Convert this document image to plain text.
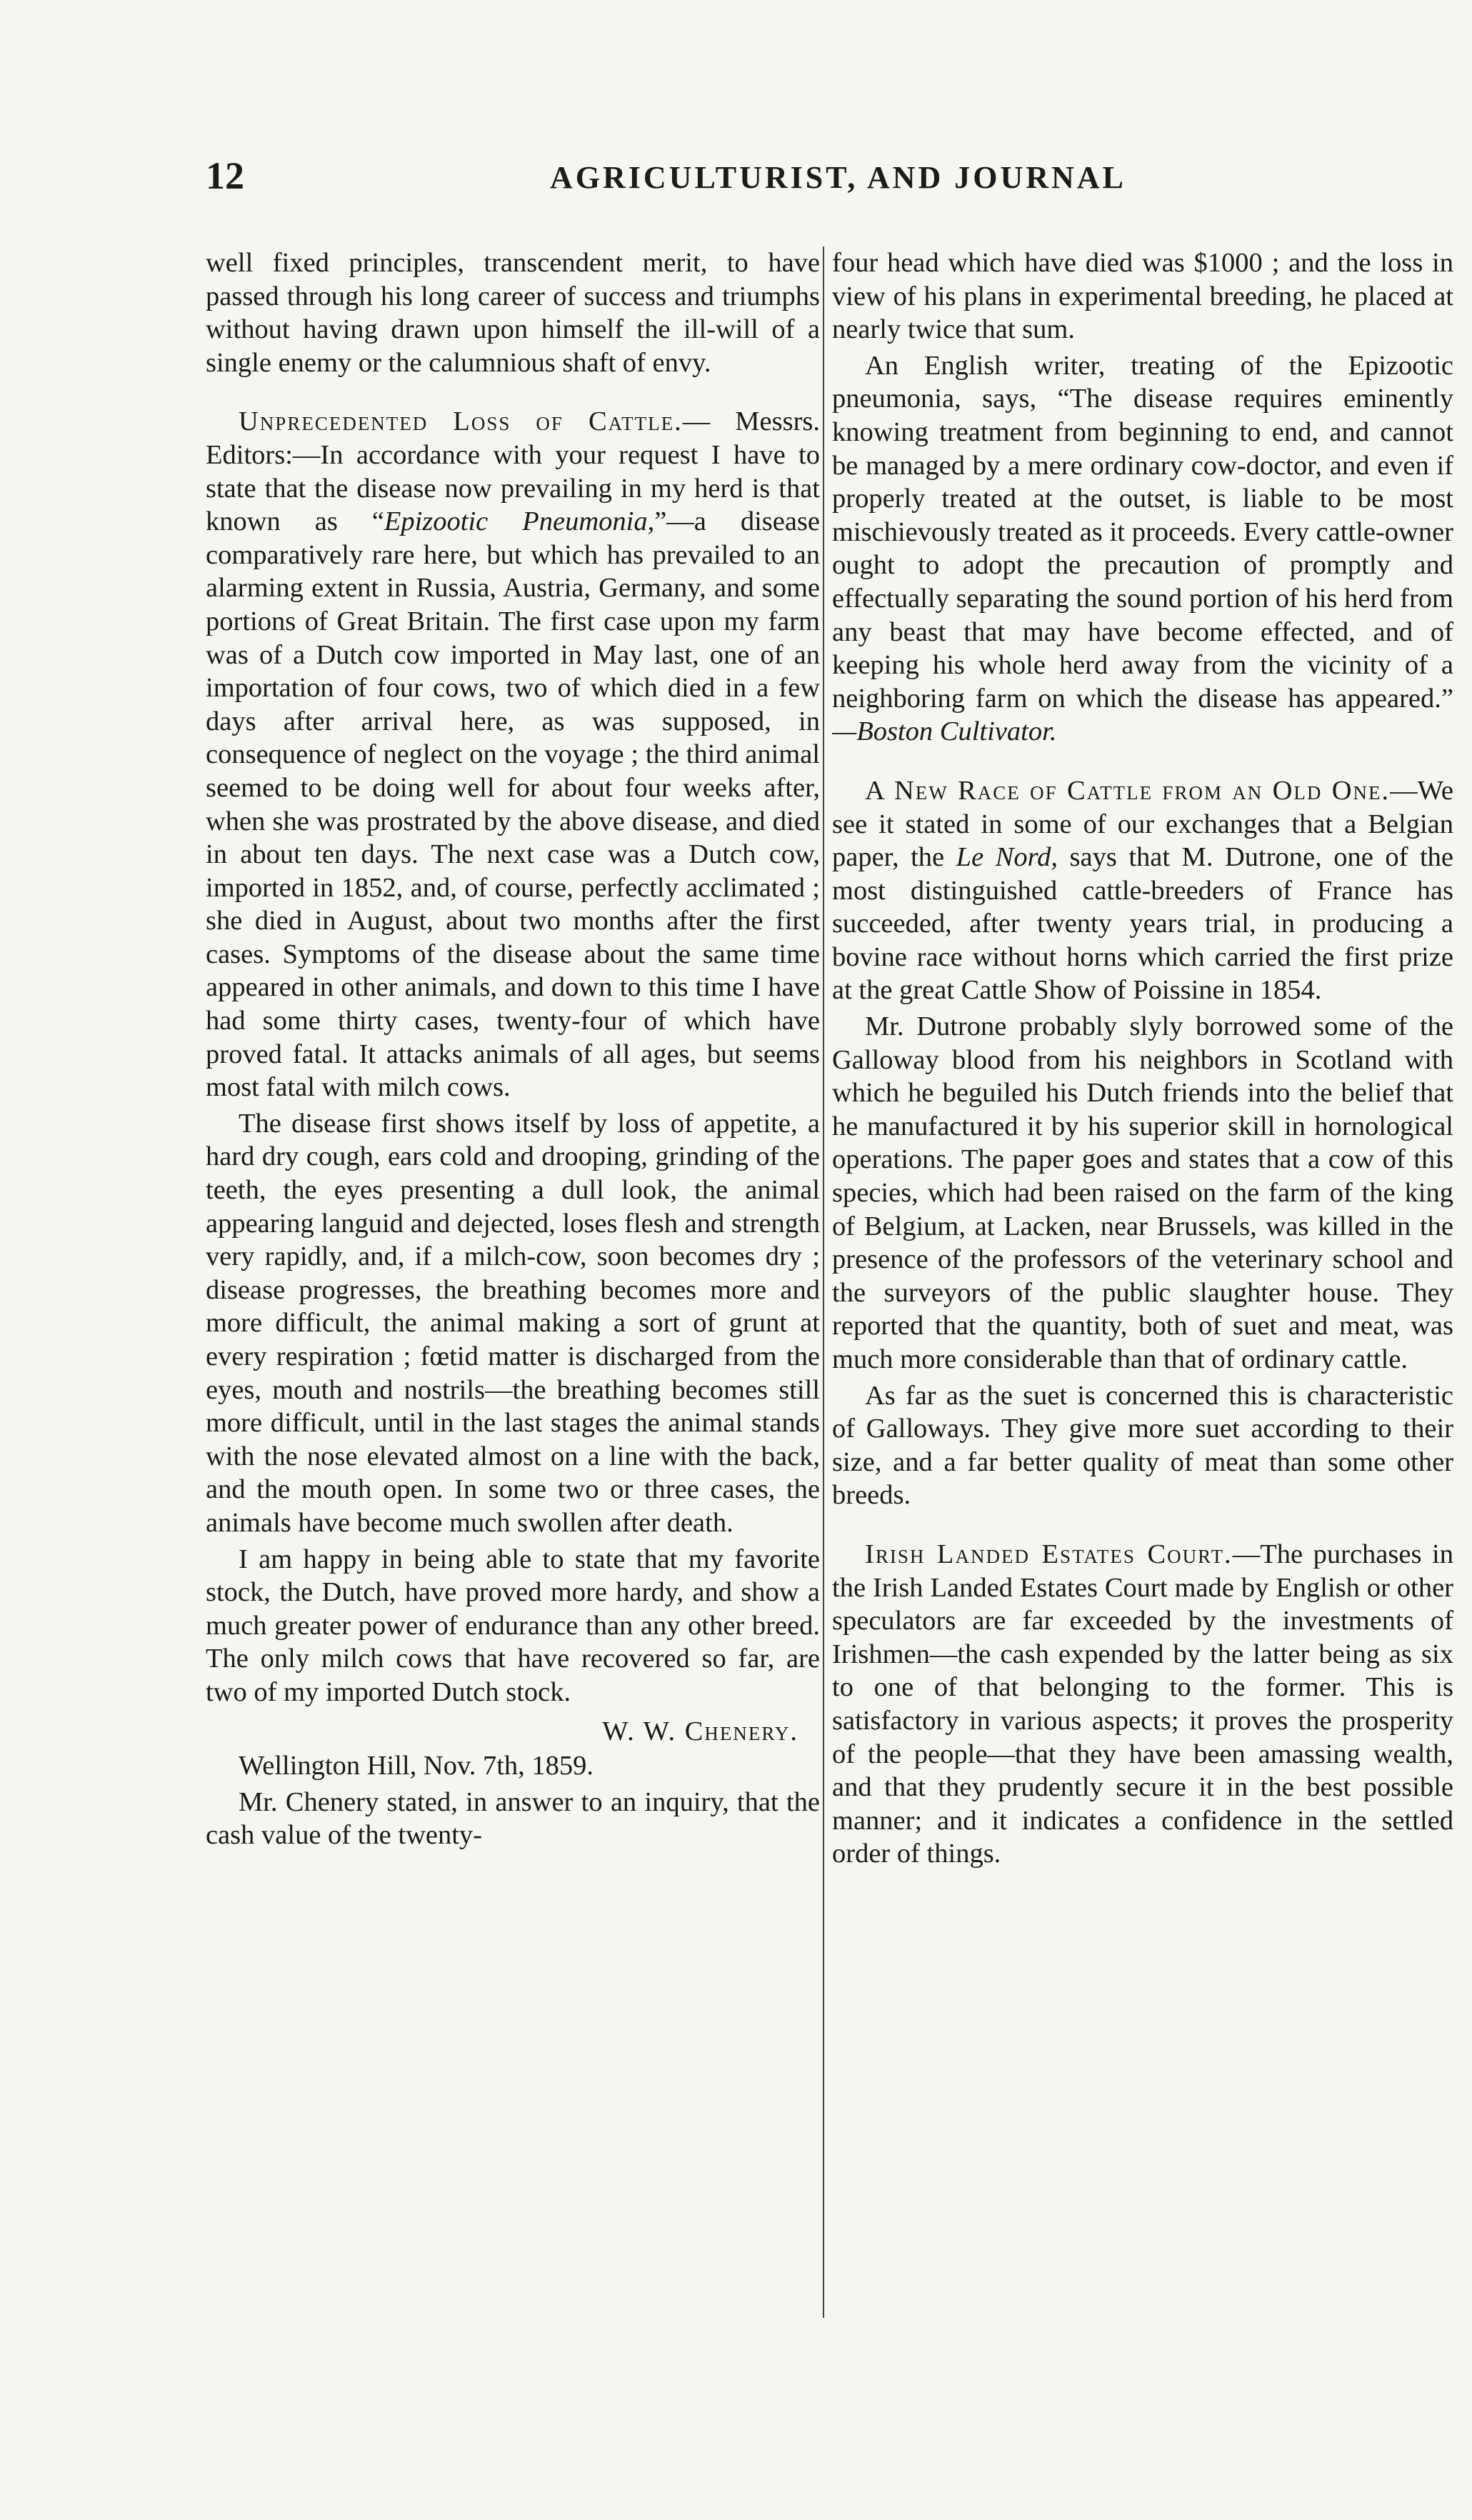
12	AGRICULTURIST, AND JOURNAL

well fixed principles, transcendent merit, to have passed through his long career of success and triumphs without having drawn upon himself the ill-will of a single enemy or the calumnious shaft of envy.

Unprecedented Loss of Cattle.— Messrs. Editors:—In accordance with your request I have to state that the disease now prevailing in my herd is that known as “Epizootic Pneumonia,”—a disease comparatively rare here, but which has prevailed to an alarming extent in Russia, Austria, Germany, and some portions of Great Britain. The first case upon my farm was of a Dutch cow imported in May last, one of an importation of four cows, two of which died in a few days after arrival here, as was supposed, in consequence of neglect on the voyage ; the third animal seemed to be doing well for about four weeks after, when she was prostrated by the above disease, and died in about ten days. The next case was a Dutch cow, imported in 1852, and, of course, perfectly acclimated ; she died in August, about two months after the first cases. Symptoms of the disease about the same time appeared in other animals, and down to this time I have had some thirty cases, twenty-four of which have proved fatal. It attacks animals of all ages, but seems most fatal with milch cows.

The disease first shows itself by loss of appetite, a hard dry cough, ears cold and drooping, grinding of the teeth, the eyes presenting a dull look, the animal appearing languid and dejected, loses flesh and strength very rapidly, and, if a milch-cow, soon becomes dry ; disease progresses, the breathing becomes more and more difficult, the animal making a sort of grunt at every respiration ; fœtid matter is discharged from the eyes, mouth and nostrils—the breathing becomes still more difficult, until in the last stages the animal stands with the nose elevated almost on a line with the back, and the mouth open. In some two or three cases, the animals have become much swollen after death.

I am happy in being able to state that my favorite stock, the Dutch, have proved more hardy, and show a much greater power of endurance than any other breed. The only milch cows that have recovered so far, are two of my imported Dutch stock.

W. W. Chenery.

Wellington Hill, Nov. 7th, 1859.

Mr. Chenery stated, in answer to an inquiry, that the cash value of the twenty-

four head which have died was $1000 ; and the loss in view of his plans in experimental breeding, he placed at nearly twice that sum.

An English writer, treating of the Epizootic pneumonia, says, “The disease requires eminently knowing treatment from beginning to end, and cannot be managed by a mere ordinary cow-doctor, and even if properly treated at the outset, is liable to be most mischievously treated as it proceeds. Every cattle-owner ought to adopt the precaution of promptly and effectually separating the sound portion of his herd from any beast that may have become effected, and of keeping his whole herd away from the vicinity of a neighboring farm on which the disease has appeared.” —Boston Cultivator.

A New Race of Cattle from an Old One.—We see it stated in some of our exchanges that a Belgian paper, the Le Nord, says that M. Dutrone, one of the most distinguished cattle-breeders of France has succeeded, after twenty years trial, in producing a bovine race without horns which carried the first prize at the great Cattle Show of Poissine in 1854.

Mr. Dutrone probably slyly borrowed some of the Galloway blood from his neighbors in Scotland with which he beguiled his Dutch friends into the belief that he manufactured it by his superior skill in hornological operations. The paper goes and states that a cow of this species, which had been raised on the farm of the king of Belgium, at Lacken, near Brussels, was killed in the presence of the professors of the veterinary school and the surveyors of the public slaughter house. They reported that the quantity, both of suet and meat, was much more considerable than that of ordinary cattle.

As far as the suet is concerned this is characteristic of Galloways. They give more suet according to their size, and a far better quality of meat than some other breeds.

Irish Landed Estates Court.—The purchases in the Irish Landed Estates Court made by English or other speculators are far exceeded by the investments of Irishmen—the cash expended by the latter being as six to one of that belonging to the former. This is satisfactory in various aspects; it proves the prosperity of the people—that they have been amassing wealth, and that they prudently secure it in the best possible manner; and it indicates a confidence in the settled order of things.
